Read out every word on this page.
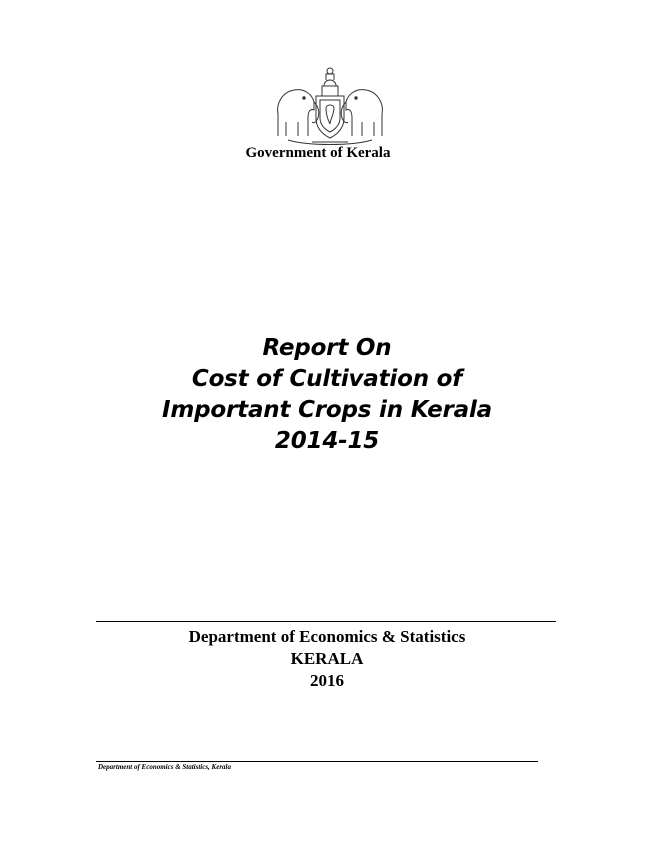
Government of Kerala
Report On
Cost of Cultivation of
Important Crops in Kerala
2014-15
Department of Economics & Statistics
KERALA
2016
Department of Economics & Statistics, Kerala
